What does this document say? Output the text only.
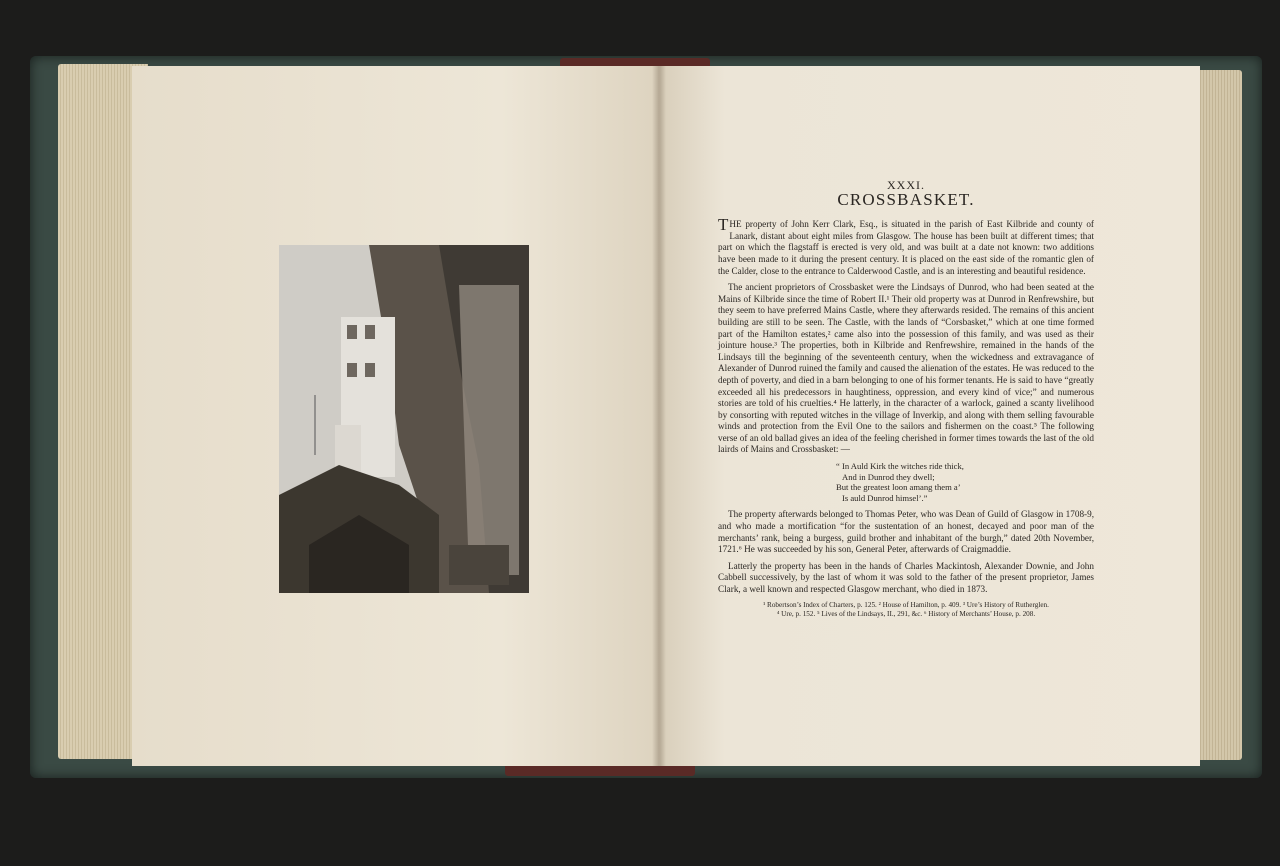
XXXI.
CROSSBASKET.

THE property of John Kerr Clark, Esq., is situated in the parish of East Kilbride and county of Lanark, distant about eight miles from Glasgow. The house has been built at different times; that part on which the flagstaff is erected is very old, and was built at a date not known: two additions have been made to it during the present century. It is placed on the east side of the romantic glen of the Calder, close to the entrance to Calderwood Castle, and is an interesting and beautiful residence.

The ancient proprietors of Crossbasket were the Lindsays of Dunrod, who had been seated at the Mains of Kilbride since the time of Robert II.¹ Their old property was at Dunrod in Renfrewshire, but they seem to have preferred Mains Castle, where they afterwards resided. The remains of this ancient building are still to be seen. The Castle, with the lands of “Corsbasket,” which at one time formed part of the Hamilton estates,² came also into the possession of this family, and was used as their jointure house.³ The properties, both in Kilbride and Renfrewshire, remained in the hands of the Lindsays till the beginning of the seventeenth century, when the wickedness and extravagance of Alexander of Dunrod ruined the family and caused the alienation of the estates. He was reduced to the depth of poverty, and died in a barn belonging to one of his former tenants. He is said to have “greatly exceeded all his predecessors in haughtiness, oppression, and every kind of vice;” and numerous stories are told of his cruelties.⁴ He latterly, in the character of a warlock, gained a scanty livelihood by consorting with reputed witches in the village of Inverkip, and along with them selling favourable winds and protection from the Evil One to the sailors and fishermen on the coast.⁵ The following verse of an old ballad gives an idea of the feeling cherished in former times towards the last of the old lairds of Mains and Crossbasket: —

“ In Auld Kirk the witches ride thick,
And in Dunrod they dwell;
But the greatest loon amang them a’
Is auld Dunrod himsel’.”

The property afterwards belonged to Thomas Peter, who was Dean of Guild of Glasgow in 1708-9, and who made a mortification “for the sustentation of an honest, decayed and poor man of the merchants’ rank, being a burgess, guild brother and inhabitant of the burgh,” dated 20th November, 1721.⁶ He was succeeded by his son, General Peter, afterwards of Craigmaddie.

Latterly the property has been in the hands of Charles Mackintosh, Alexander Downie, and John Cabbell successively, by the last of whom it was sold to the father of the present proprietor, James Clark, a well known and respected Glasgow merchant, who died in 1873.

¹ Robertson’s Index of Charters, p. 125. ² House of Hamilton, p. 409. ³ Ure’s History of Rutherglen.
⁴ Ure, p. 152. ⁵ Lives of the Lindsays, II., 291, &c. ⁶ History of Merchants’ House, p. 208.
